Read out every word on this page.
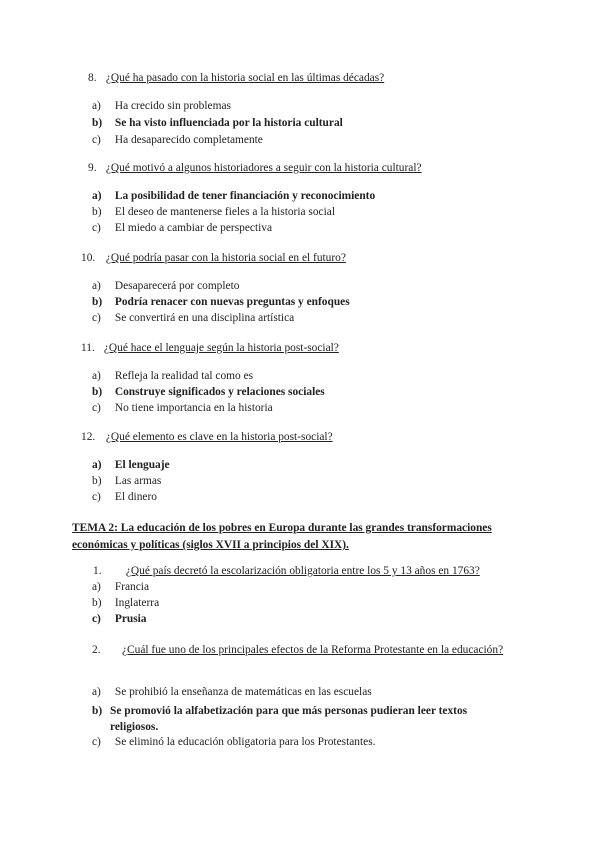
8. ¿Qué ha pasado con la historia social en las últimas décadas?
a) Ha crecido sin problemas
b) Se ha visto influenciada por la historia cultural
c) Ha desaparecido completamente
9. ¿Qué motivó a algunos historiadores a seguir con la historia cultural?
a) La posibilidad de tener financiación y reconocimiento
b) El deseo de mantenerse fieles a la historia social
c) El miedo a cambiar de perspectiva
10. ¿Qué podría pasar con la historia social en el futuro?
a) Desaparecerá por completo
b) Podría renacer con nuevas preguntas y enfoques
c) Se convertirá en una disciplina artística
11. ¿Qué hace el lenguaje según la historia post-social?
a) Refleja la realidad tal como es
b) Construye significados y relaciones sociales
c) No tiene importancia en la historia
12. ¿Qué elemento es clave en la historia post-social?
a) El lenguaje
b) Las armas
c) El dinero
TEMA 2: La educación de los pobres en Europa durante las grandes transformaciones económicas y políticas (siglos XVII a principios del XIX).
1. ¿Qué país decretó la escolarización obligatoria entre los 5 y 13 años en 1763?
a) Francia
b) Inglaterra
c) Prusia
2. ¿Cuál fue uno de los principales efectos de la Reforma Protestante en la educación?
a) Se prohibió la enseñanza de matemáticas en las escuelas
b) Se promovió la alfabetización para que más personas pudieran leer textos religiosos.
c) Se eliminó la educación obligatoria para los Protestantes.
